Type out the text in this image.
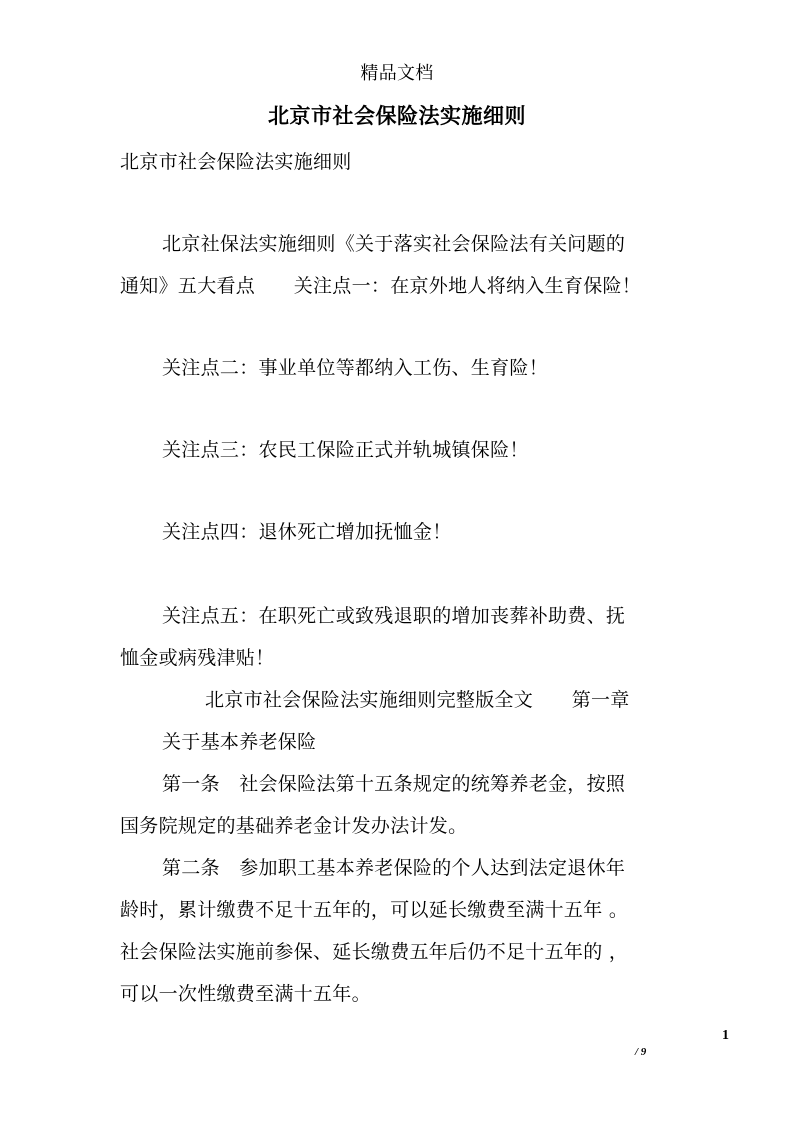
精品文档
北京市社会保险法实施细则
北京市社会保险法实施细则
北京社保法实施细则《关于落实社会保险法有关问题的
通知》五大看点　　关注点一：在京外地人将纳入生育保险！
关注点二：事业单位等都纳入工伤、生育险！
关注点三：农民工保险正式并轨城镇保险！
关注点四：退休死亡增加抚恤金！
关注点五：在职死亡或致残退职的增加丧葬补助费、抚
恤金或病残津贴！
北京市社会保险法实施细则完整版全文　　第一章
关于基本养老保险
第一条　社会保险法第十五条规定的统筹养老金，按照
国务院规定的基础养老金计发办法计发。
第二条　参加职工基本养老保险的个人达到法定退休年
龄时，累计缴费不足十五年的，可以延长缴费至满十五年 。
社会保险法实施前参保、延长缴费五年后仍不足十五年的 ，
可以一次性缴费至满十五年。
1
/ 9
